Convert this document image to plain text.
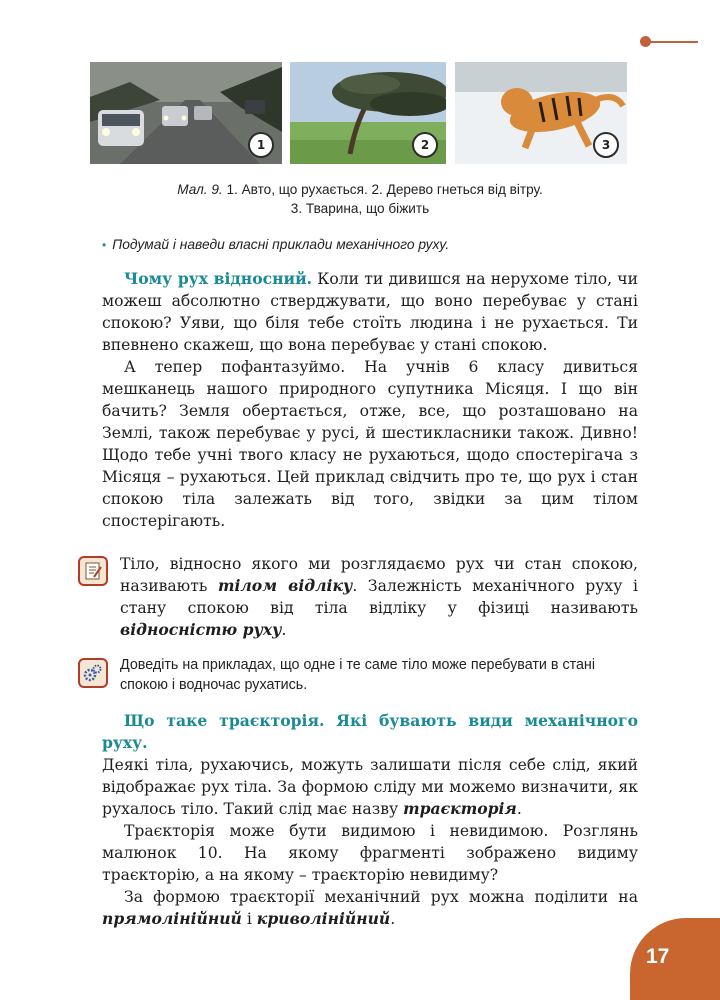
1	2	3
Мал. 9. 1. Авто, що рухається. 2. Дерево гнеться від вітру.
3. Тварина, що біжить
• Подумай і наведи власні приклади механічного руху.

Чому рух відносний. Коли ти дивишся на нерухоме тіло, чи можеш абсолютно стверджувати, що воно перебуває у стані спокою? Уяви, що біля тебе стоїть людина і не рухається. Ти впевнено скажеш, що вона перебуває у стані спокою.

А тепер пофантазуймо. На учнів 6 класу дивиться мешканець нашого природного супутника Місяця. І що він бачить? Земля обертається, отже, все, що розташовано на Землі, також перебуває у русі, й шестикласники також. Дивно! Щодо тебе учні твого класу не рухаються, щодо спостерігача з Місяця – рухаються. Цей приклад свідчить про те, що рух і стан спокою тіла залежать від того, звідки за цим тілом спостерігають.

Тіло, відносно якого ми розглядаємо рух чи стан спокою, називають тілом відліку. Залежність механічного руху і стану спокою від тіла відліку у фізиці називають відносністю руху.

Доведіть на прикладах, що одне і те саме тіло може перебувати в стані спокою і водночас рухатись.

Що таке траєкторія. Які бувають види механічного руху.

Деякі тіла, рухаючись, можуть залишати після себе слід, який відображає рух тіла. За формою сліду ми можемо визначити, як рухалось тіло. Такий слід має назву траєкторія.

Траєкторія може бути видимою і невидимою. Розглянь малюнок 10. На якому фрагменті зображено видиму траєкторію, а на якому – траєкторію невидиму?

За формою траєкторії механічний рух можна поділити на прямолінійний і криволінійний.

17
